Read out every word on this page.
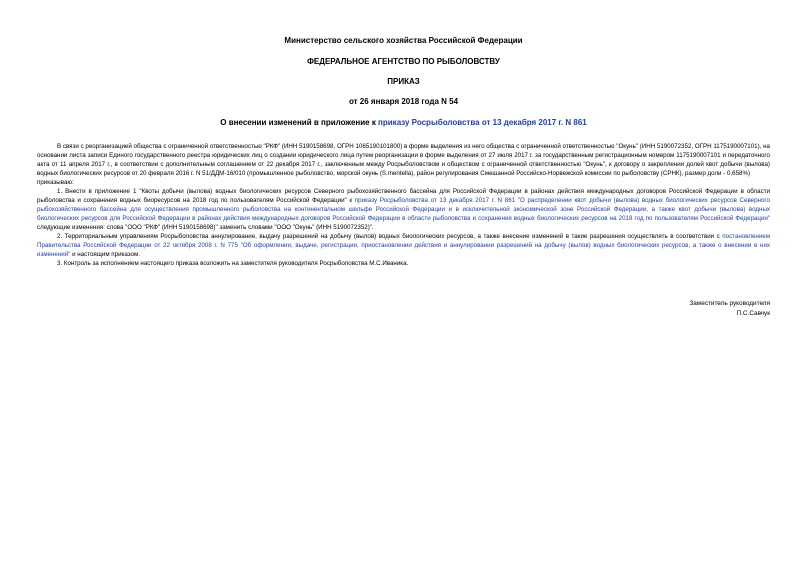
Министерство сельского хозяйства Российской Федерации

ФЕДЕРАЛЬНОЕ АГЕНТСТВО ПО РЫБОЛОВСТВУ

ПРИКАЗ

от 26 января 2018 года N 54

О внесении изменений в приложение к приказу Росрыболовства от 13 декабря 2017 г. N 861

В связи с реорганизацией общества с ограниченной ответственностью "РКФ" (ИНН 5190158698, ОГРН 1065190101800) в форме выделения из него общества с ограниченной ответственностью "Окунь" (ИНН 5190072352, ОГРН 1175190007101), на основании листа записи Единого государственного реестра юридических лиц о создании юридического лица путем реорганизации в форме выделения от 27 июля 2017 г. за государственным регистрационным номером 1175190007101 и передаточного акта от 11 апреля 2017 г., в соответствии с дополнительным соглашением от 22 декабря 2017 г., заключенным между Росрыболовством и обществом с ограниченной ответственностью "Окунь", к договору о закреплении долей квот добычи (вылова) водных биологических ресурсов от 20 февраля 2016 г. N 51/ДДМ-16/010 (промышленное рыболовство, морской окунь (S.mentella), район регулирования Смешанной Российско-Норвежской комиссии по рыболовству (СРНК), размер доли - 0,658%)

приказываю:

1. Внести в приложение 1 "Квоты добычи (вылова) водных биологических ресурсов Северного рыбохозяйственного бассейна для Российской Федерации в районах действия международных договоров Российской Федерации в области рыболовства и сохранения водных биоресурсов на 2018 год по пользователям Российской Федерации" к приказу Росрыболовства от 13 декабря 2017 г. N 861 "О распределении квот добычи (вылова) водных биологических ресурсов Северного рыбохозяйственного бассейна для осуществления промышленного рыболовства на континентальном шельфе Российской Федерации и в исключительной экономической зоне Российской Федерации, а также квот добычи (вылова) водных биологических ресурсов для Российской Федерации в районах действия международных договоров Российской Федерации в области рыболовства и сохранения водных биологических ресурсов на 2018 год по пользователям Российской Федерации" следующие изменения: слова "ООО "РКФ" (ИНН 5190158698)" заменить словами "ООО "Окунь" (ИНН 5190072352)".

2. Территориальным управлениям Росрыболовства аннулирование, выдачу разрешений на добычу (вылов) водных биологических ресурсов, а также внесение изменений в такие разрешения осуществлять в соответствии с постановлением Правительства Российской Федерации от 22 октября 2008 г. N 775 "Об оформлении, выдаче, регистрации, приостановлении действия и аннулировании разрешений на добычу (вылов) водных биологических ресурсов, а также о внесении в них изменений" и настоящим приказом.

3. Контроль за исполнением настоящего приказа возложить на заместителя руководителя Росрыболовства М.С.Иваника.

Заместитель руководителя
П.С.Савчук
